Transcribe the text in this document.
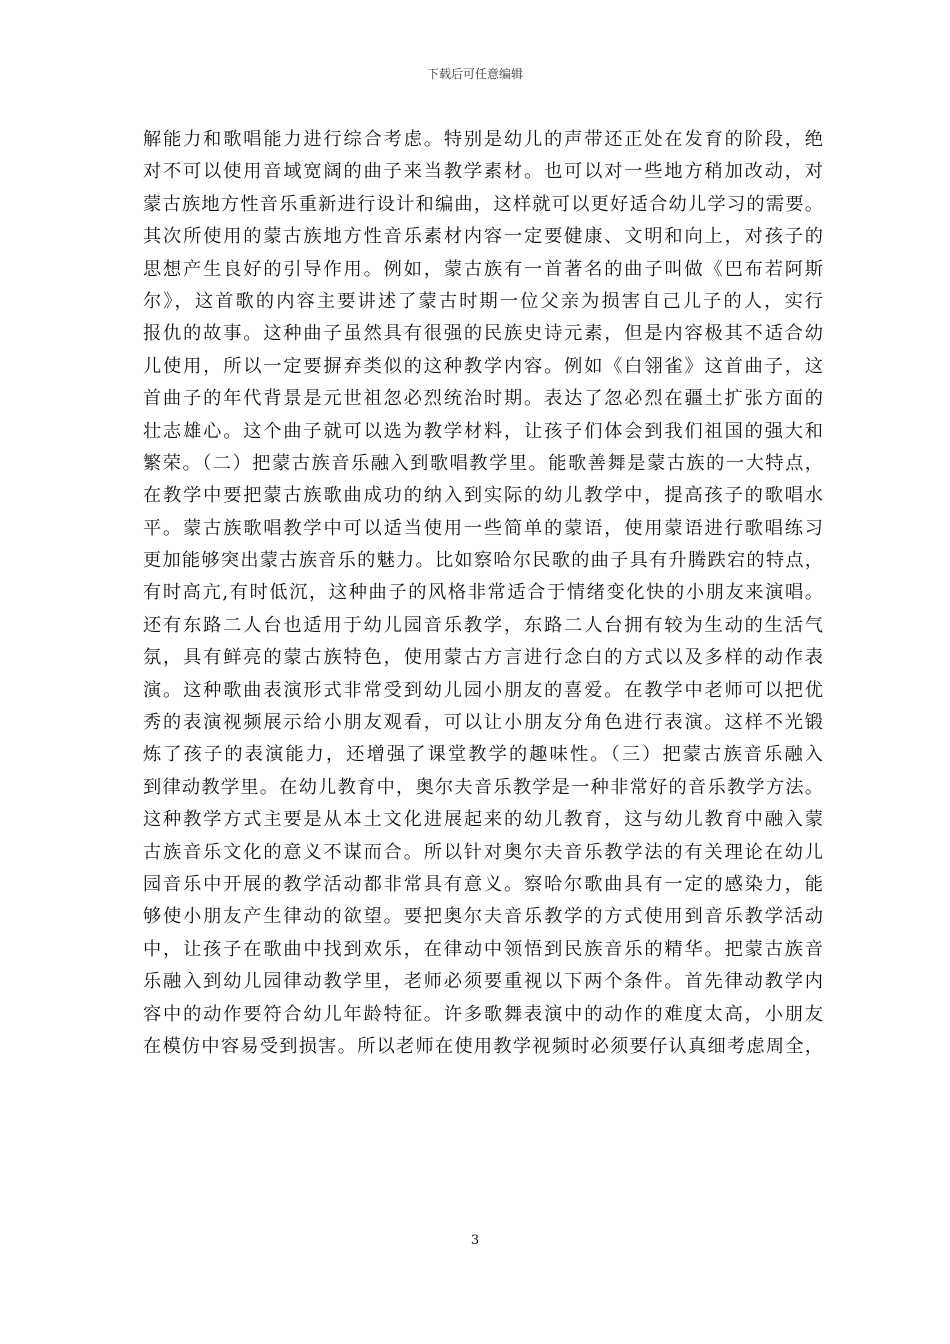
下载后可任意编辑
解能力和歌唱能力进行综合考虑。特别是幼儿的声带还正处在发育的阶段，绝
对不可以使用音域宽阔的曲子来当教学素材。也可以对一些地方稍加改动，对
蒙古族地方性音乐重新进行设计和编曲，这样就可以更好适合幼儿学习的需要。
其次所使用的蒙古族地方性音乐素材内容一定要健康、文明和向上，对孩子的
思想产生良好的引导作用。例如，蒙古族有一首著名的曲子叫做《巴布若阿斯
尔》，这首歌的内容主要讲述了蒙古时期一位父亲为损害自己儿子的人，实行
报仇的故事。这种曲子虽然具有很强的民族史诗元素，但是内容极其不适合幼
儿使用，所以一定要摒弃类似的这种教学内容。例如《白翎雀》这首曲子，这
首曲子的年代背景是元世祖忽必烈统治时期。表达了忽必烈在疆土扩张方面的
壮志雄心。这个曲子就可以选为教学材料，让孩子们体会到我们祖国的强大和
繁荣。（二）把蒙古族音乐融入到歌唱教学里。能歌善舞是蒙古族的一大特点，
在教学中要把蒙古族歌曲成功的纳入到实际的幼儿教学中，提高孩子的歌唱水
平。蒙古族歌唱教学中可以适当使用一些简单的蒙语，使用蒙语进行歌唱练习
更加能够突出蒙古族音乐的魅力。比如察哈尔民歌的曲子具有升腾跌宕的特点，
有时高亢,有时低沉，这种曲子的风格非常适合于情绪变化快的小朋友来演唱。
还有东路二人台也适用于幼儿园音乐教学，东路二人台拥有较为生动的生活气
氛，具有鲜亮的蒙古族特色，使用蒙古方言进行念白的方式以及多样的动作表
演。这种歌曲表演形式非常受到幼儿园小朋友的喜爱。在教学中老师可以把优
秀的表演视频展示给小朋友观看，可以让小朋友分角色进行表演。这样不光锻
炼了孩子的表演能力，还增强了课堂教学的趣味性。（三）把蒙古族音乐融入
到律动教学里。在幼儿教育中，奥尔夫音乐教学是一种非常好的音乐教学方法。
这种教学方式主要是从本土文化进展起来的幼儿教育，这与幼儿教育中融入蒙
古族音乐文化的意义不谋而合。所以针对奥尔夫音乐教学法的有关理论在幼儿
园音乐中开展的教学活动都非常具有意义。察哈尔歌曲具有一定的感染力，能
够使小朋友产生律动的欲望。要把奥尔夫音乐教学的方式使用到音乐教学活动
中，让孩子在歌曲中找到欢乐，在律动中领悟到民族音乐的精华。把蒙古族音
乐融入到幼儿园律动教学里，老师必须要重视以下两个条件。首先律动教学内
容中的动作要符合幼儿年龄特征。许多歌舞表演中的动作的难度太高，小朋友
在模仿中容易受到损害。所以老师在使用教学视频时必须要仔认真细考虑周全，
3
